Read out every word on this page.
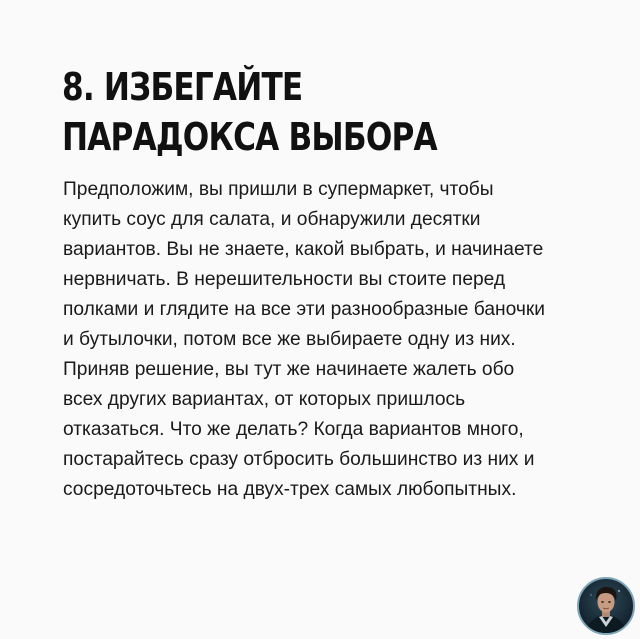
8. ИЗБЕГАЙТЕ
ПАРАДОКСА ВЫБОРА
Предположим, вы пришли в супермаркет, чтобы
купить соус для салата, и обнаружили десятки
вариантов. Вы не знаете, какой выбрать, и начинаете
нервничать. В нерешительности вы стоите перед
полками и глядите на все эти разнообразные баночки
и бутылочки, потом все же выбираете одну из них.
Приняв решение, вы тут же начинаете жалеть обо
всех других вариантах, от которых пришлось
отказаться. Что же делать? Когда вариантов много,
постарайтесь сразу отбросить большинство из них и
сосредоточьтесь на двух-трех самых любопытных.
